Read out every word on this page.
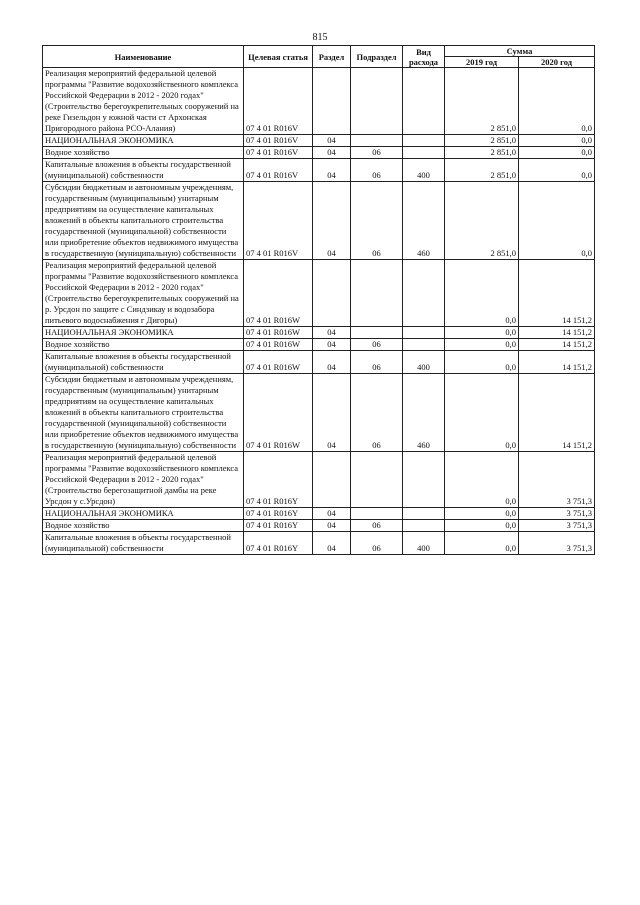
815
Наименование	Целевая статья	Раздел	Подраздел	Вид расхода	Сумма	
					2019 год	2020 год
Реализация мероприятий федеральной целевой программы "Развитие водохозяйственного комплекса Российской Федерации в 2012 - 2020 годах" (Строительство берегоукрепительных сооружений на реке Гизельдон у южной части ст Архонская Пригородного района РСО-Алания)	07 4 01 R016V				2 851,0	0,0
НАЦИОНАЛЬНАЯ ЭКОНОМИКА	07 4 01 R016V	04			2 851,0	0,0
Водное хозяйство	07 4 01 R016V	04	06		2 851,0	0,0
Капитальные вложения в объекты государственной (муниципальной) собственности	07 4 01 R016V	04	06	400	2 851,0	0,0
Субсидии бюджетным и автономным учреждениям, государственным (муниципальным) унитарным предприятиям на осуществление капитальных вложений в объекты капитального строительства государственной (муниципальной) собственности или приобретение объектов недвижимого имущества в государственную (муниципальную) собственности	07 4 01 R016V	04	06	460	2 851,0	0,0
Реализация мероприятий федеральной целевой программы "Развитие водохозяйственного комплекса Российской Федерации в 2012 - 2020 годах" (Строительство берегоукрепительных сооружений на р. Урсдон по защите с Синдзикау и водозабора питьевого водоснабжения г Дигоры)	07 4 01 R016W				0,0	14 151,2
НАЦИОНАЛЬНАЯ ЭКОНОМИКА	07 4 01 R016W	04			0,0	14 151,2
Водное хозяйство	07 4 01 R016W	04	06		0,0	14 151,2
Капитальные вложения в объекты государственной (муниципальной) собственности	07 4 01 R016W	04	06	400	0,0	14 151,2
Субсидии бюджетным и автономным учреждениям, государственным (муниципальным) унитарным предприятиям на осуществление капитальных вложений в объекты капитального строительства государственной (муниципальной) собственности или приобретение объектов недвижимого имущества в государственную (муниципальную) собственности	07 4 01 R016W	04	06	460	0,0	14 151,2
Реализация мероприятий федеральной целевой программы "Развитие водохозяйственного комплекса Российской Федерации в 2012 - 2020 годах" (Строительство берегозащитной дамбы на реке Урсдон у с.Урсдон)	07 4 01 R016Y				0,0	3 751,3
НАЦИОНАЛЬНАЯ ЭКОНОМИКА	07 4 01 R016Y	04			0,0	3 751,3
Водное хозяйство	07 4 01 R016Y	04	06		0,0	3 751,3
Капитальные вложения в объекты государственной (муниципальной) собственности	07 4 01 R016Y	04	06	400	0,0	3 751,3
